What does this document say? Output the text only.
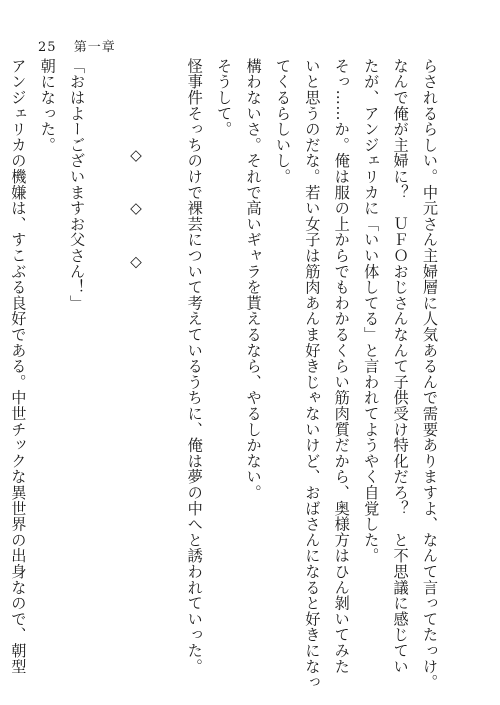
25 第一章
らされるらしい。中元さん主婦層に人気あるんで需要ありますよ、なんて言ってたっけ。
なんで俺が主婦に？　ＵＦＯおじさんなんて子供受け特化だろ？　と不思議に感じてい
たが、アンジェリカに「いい体してる」と言われてようやく自覚した。
そっ……か。俺は服の上からでもわかるくらい筋肉質だから、奥様方はひん剝いてみた
いと思うのだな。若い女子は筋肉あんま好きじゃないけど、おばさんになると好きになっ
てくるらしいし。
構わないさ。それで高いギャラを貰えるなら、やるしかない。
そうして。
怪事件そっちのけで裸芸について考えているうちに、俺は夢の中へと誘われていった。
◇　◇　◇
「おはよーございますお父さん！」
朝になった。
アンジェリカの機嫌は、すこぶる良好である。中世チックな異世界の出身なので、朝型
